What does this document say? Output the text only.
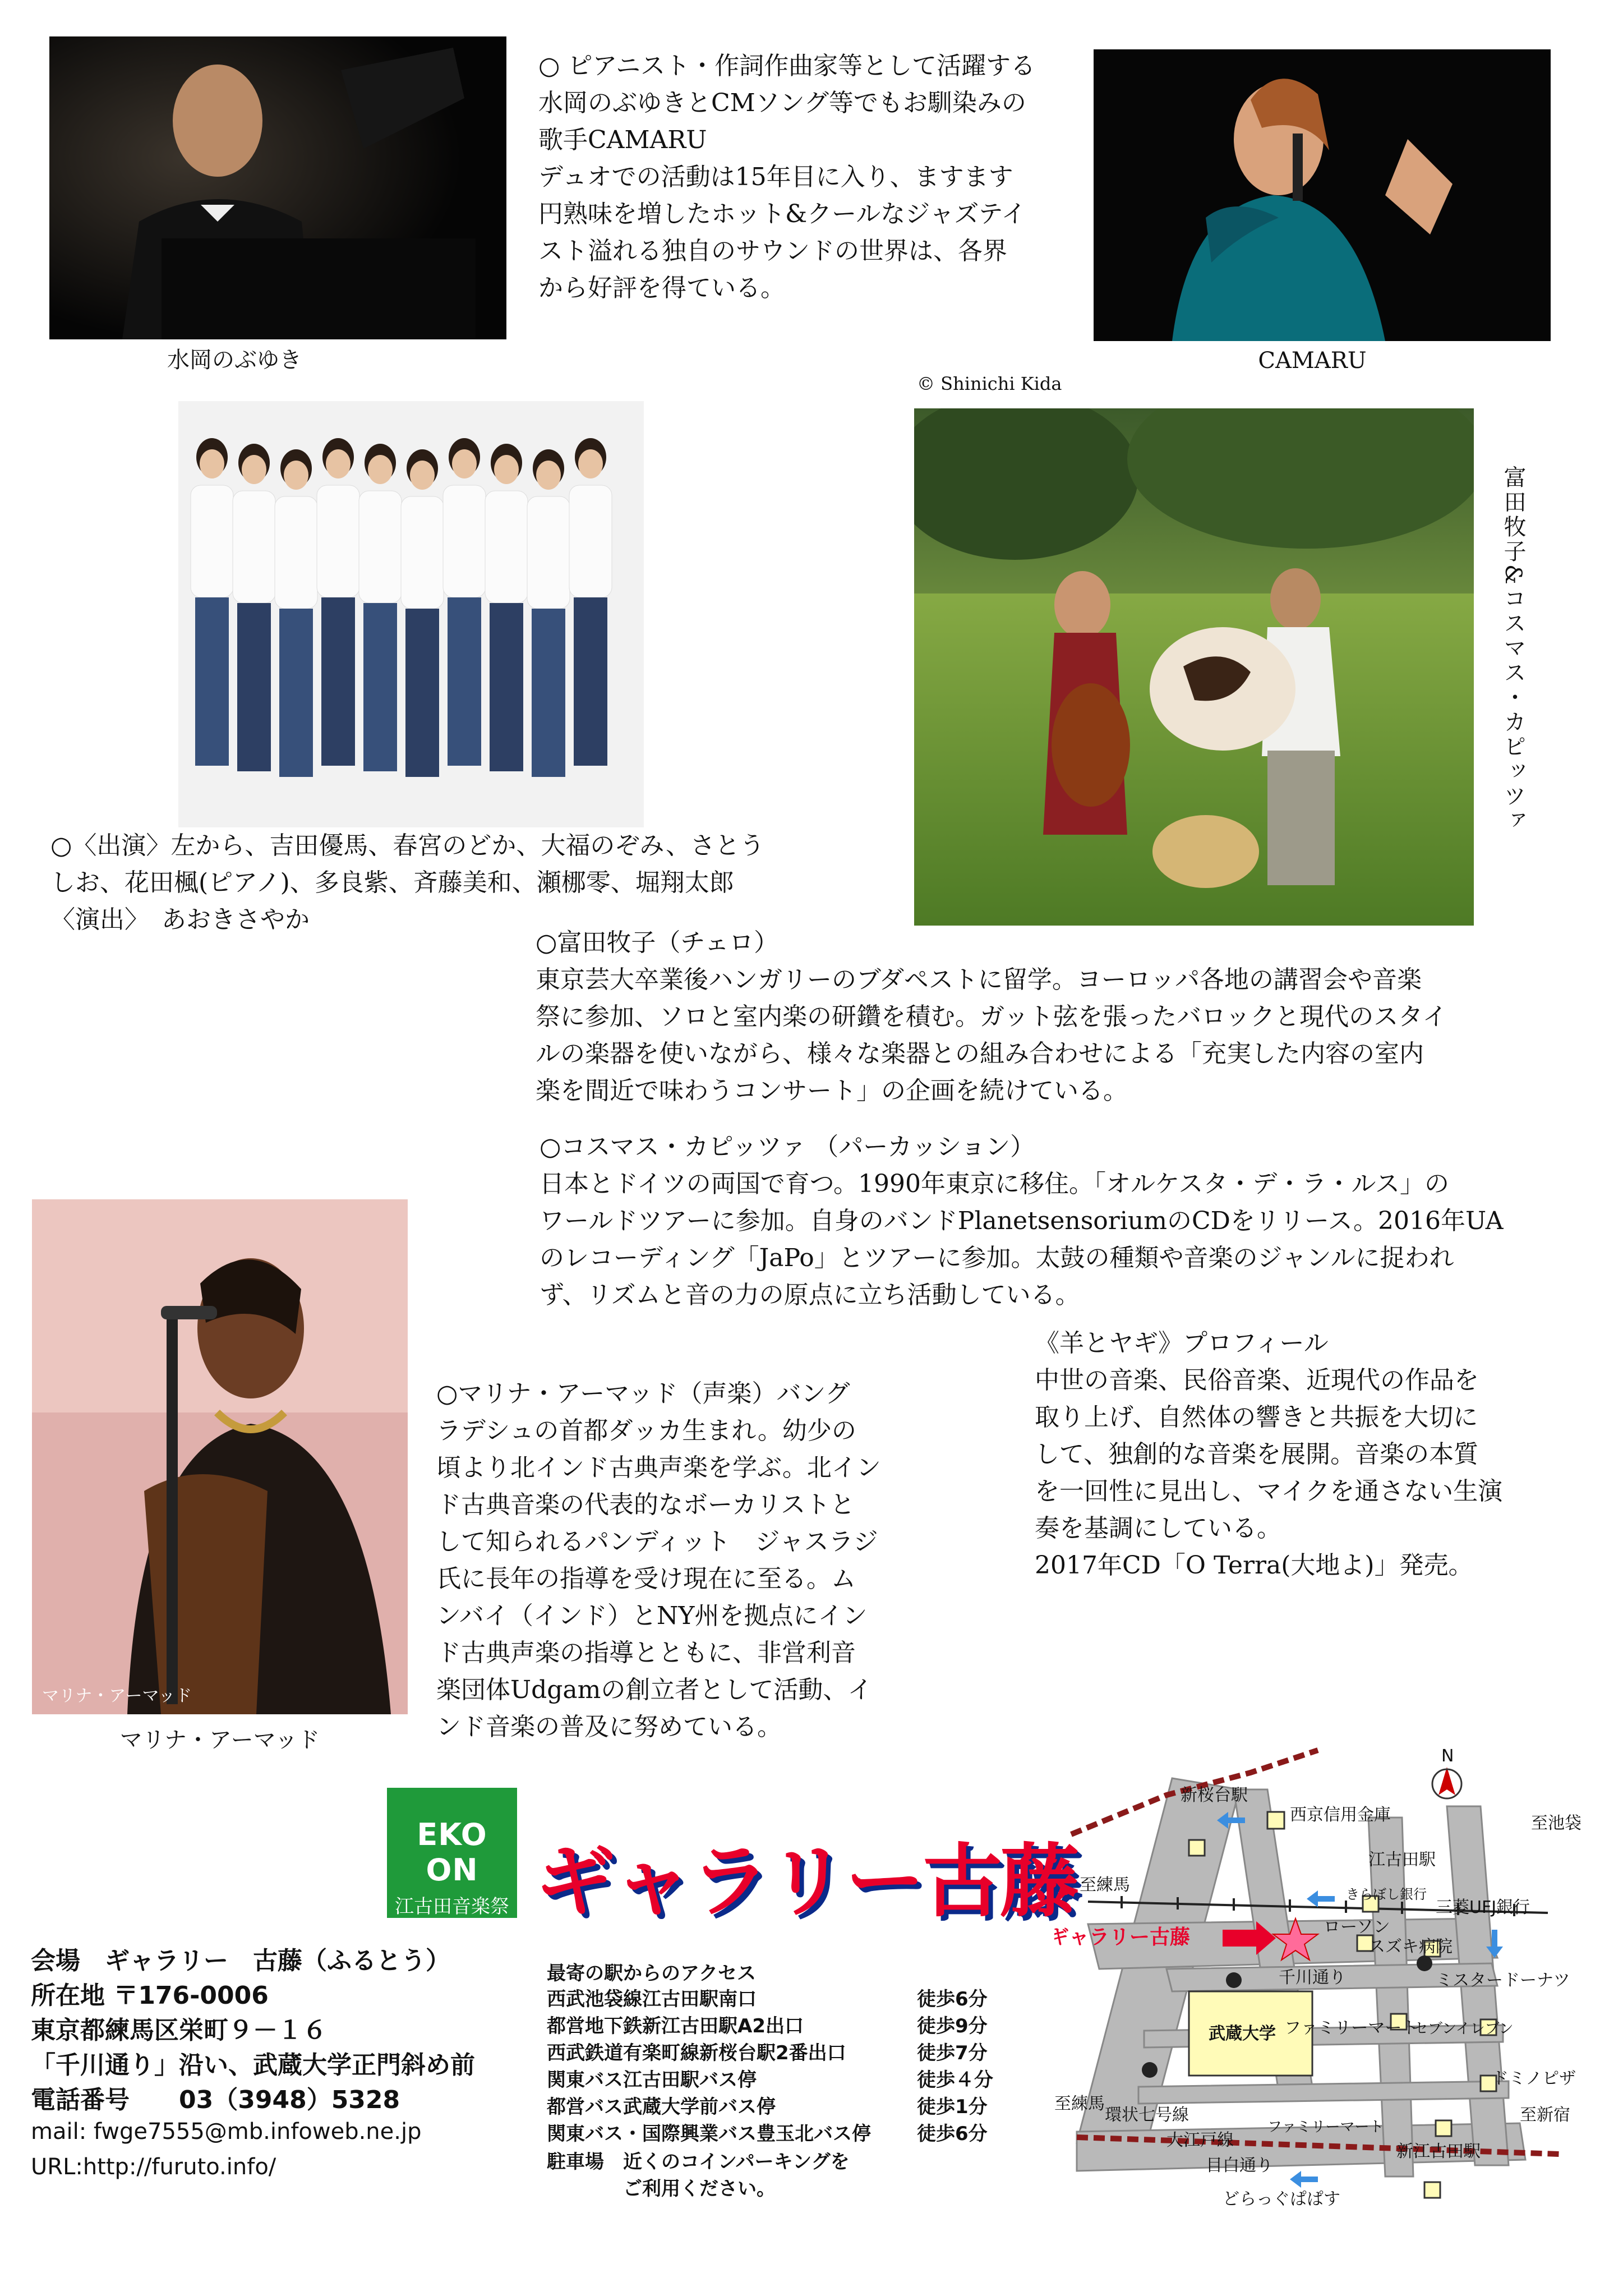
○ ピアニスト・作詞作曲家等として活躍する
水岡のぶゆきとCMソング等でもお馴染みの
歌手CAMARU
デュオでの活動は15年目に入り、ますます
円熟味を増したホット&クールなジャズテイ
スト溢れる独自のサウンドの世界は、各界
から好評を得ている。
水岡のぶゆき	CAMARU
© Shinichi Kida
富田牧子&コスマス・カピッツァ
○〈出演〉左から、吉田優馬、春宮のどか、大福のぞみ、さとう
しお、花田楓(ピアノ)、多良紫、斉藤美和、瀬梛零、堀翔太郎
〈演出〉　あおきさやか
○富田牧子（チェロ）
東京芸大卒業後ハンガリーのブダペストに留学。ヨーロッパ各地の講習会や音楽
祭に参加、ソロと室内楽の研鑽を積む。ガット弦を張ったバロックと現代のスタイ
ルの楽器を使いながら、様々な楽器との組み合わせによる「充実した内容の室内
楽を間近で味わうコンサート」の企画を続けている。
○コスマス・カピッツァ （パーカッション）
日本とドイツの両国で育つ。1990年東京に移住。「オルケスタ・デ・ラ・ルス」の
ワールドツアーに参加。自身のバンドPlanetsensoriumのCDをリリース。2016年UA
のレコーディング「JaPo」とツアーに参加。太鼓の種類や音楽のジャンルに捉われ
ず、リズムと音の力の原点に立ち活動している。
マリナ・アーマッド
マリナ・アーマッド
○マリナ・アーマッド（声楽）バング
ラデシュの首都ダッカ生まれ。幼少の
頃より北インド古典声楽を学ぶ。北イン
ド古典音楽の代表的なボーカリストと
して知られるパンディット　ジャスラジ
氏に長年の指導を受け現在に至る。ム
ンバイ（インド）とNY州を拠点にイン
ド古典声楽の指導とともに、非営利音
楽団体Udgamの創立者として活動、イ
ンド音楽の普及に努めている。
《羊とヤギ》プロフィール
中世の音楽、民俗音楽、近現代の作品を
取り上げ、自然体の響きと共振を大切に
して、独創的な音楽を展開。音楽の本質
を一回性に見出し、マイクを通さない生演
奏を基調にしている。
2017年CD「O Terra(大地よ)」発売。
EKO ON
江古田音楽祭 ギャラリー古藤
会場　ギャラリー　古藤（ふるとう）
所在地 〒176-0006
東京都練馬区栄町９－１６
「千川通り」沿い、武蔵大学正門斜め前
電話番号　　03（3948）5328
mail: fwge7555@mb.infoweb.ne.jp
URL:http://furuto.info/
最寄の駅からのアクセス
西武池袋線江古田駅南口	徒歩6分
都営地下鉄新江古田駅A2出口	徒歩9分
西武鉄道有楽町線新桜台駅2番出口	徒歩7分
関東バス江古田駅バス停	徒歩４分
都営バス武蔵大学前バス停	徒歩1分
関東バス・国際興業バス豊玉北バス停	徒歩6分
駐車場　近くのコインパーキングを
　　　　ご利用ください。
N
新桜台駅
西京信用金庫
江古田駅
至池袋
至練馬	きらぼし銀行
三菱UFJ銀行
ギャラリー古藤	ローソン
スズキ病院
千川通り	ミスタードーナツ
武蔵大学 ファミリーマート
セブンイレブン
ドミノピザ
ファミリーマート
大江戸線
新江古田駅
目白通り
どらっぐぱぱす
至新宿
至練馬
環状七号線
